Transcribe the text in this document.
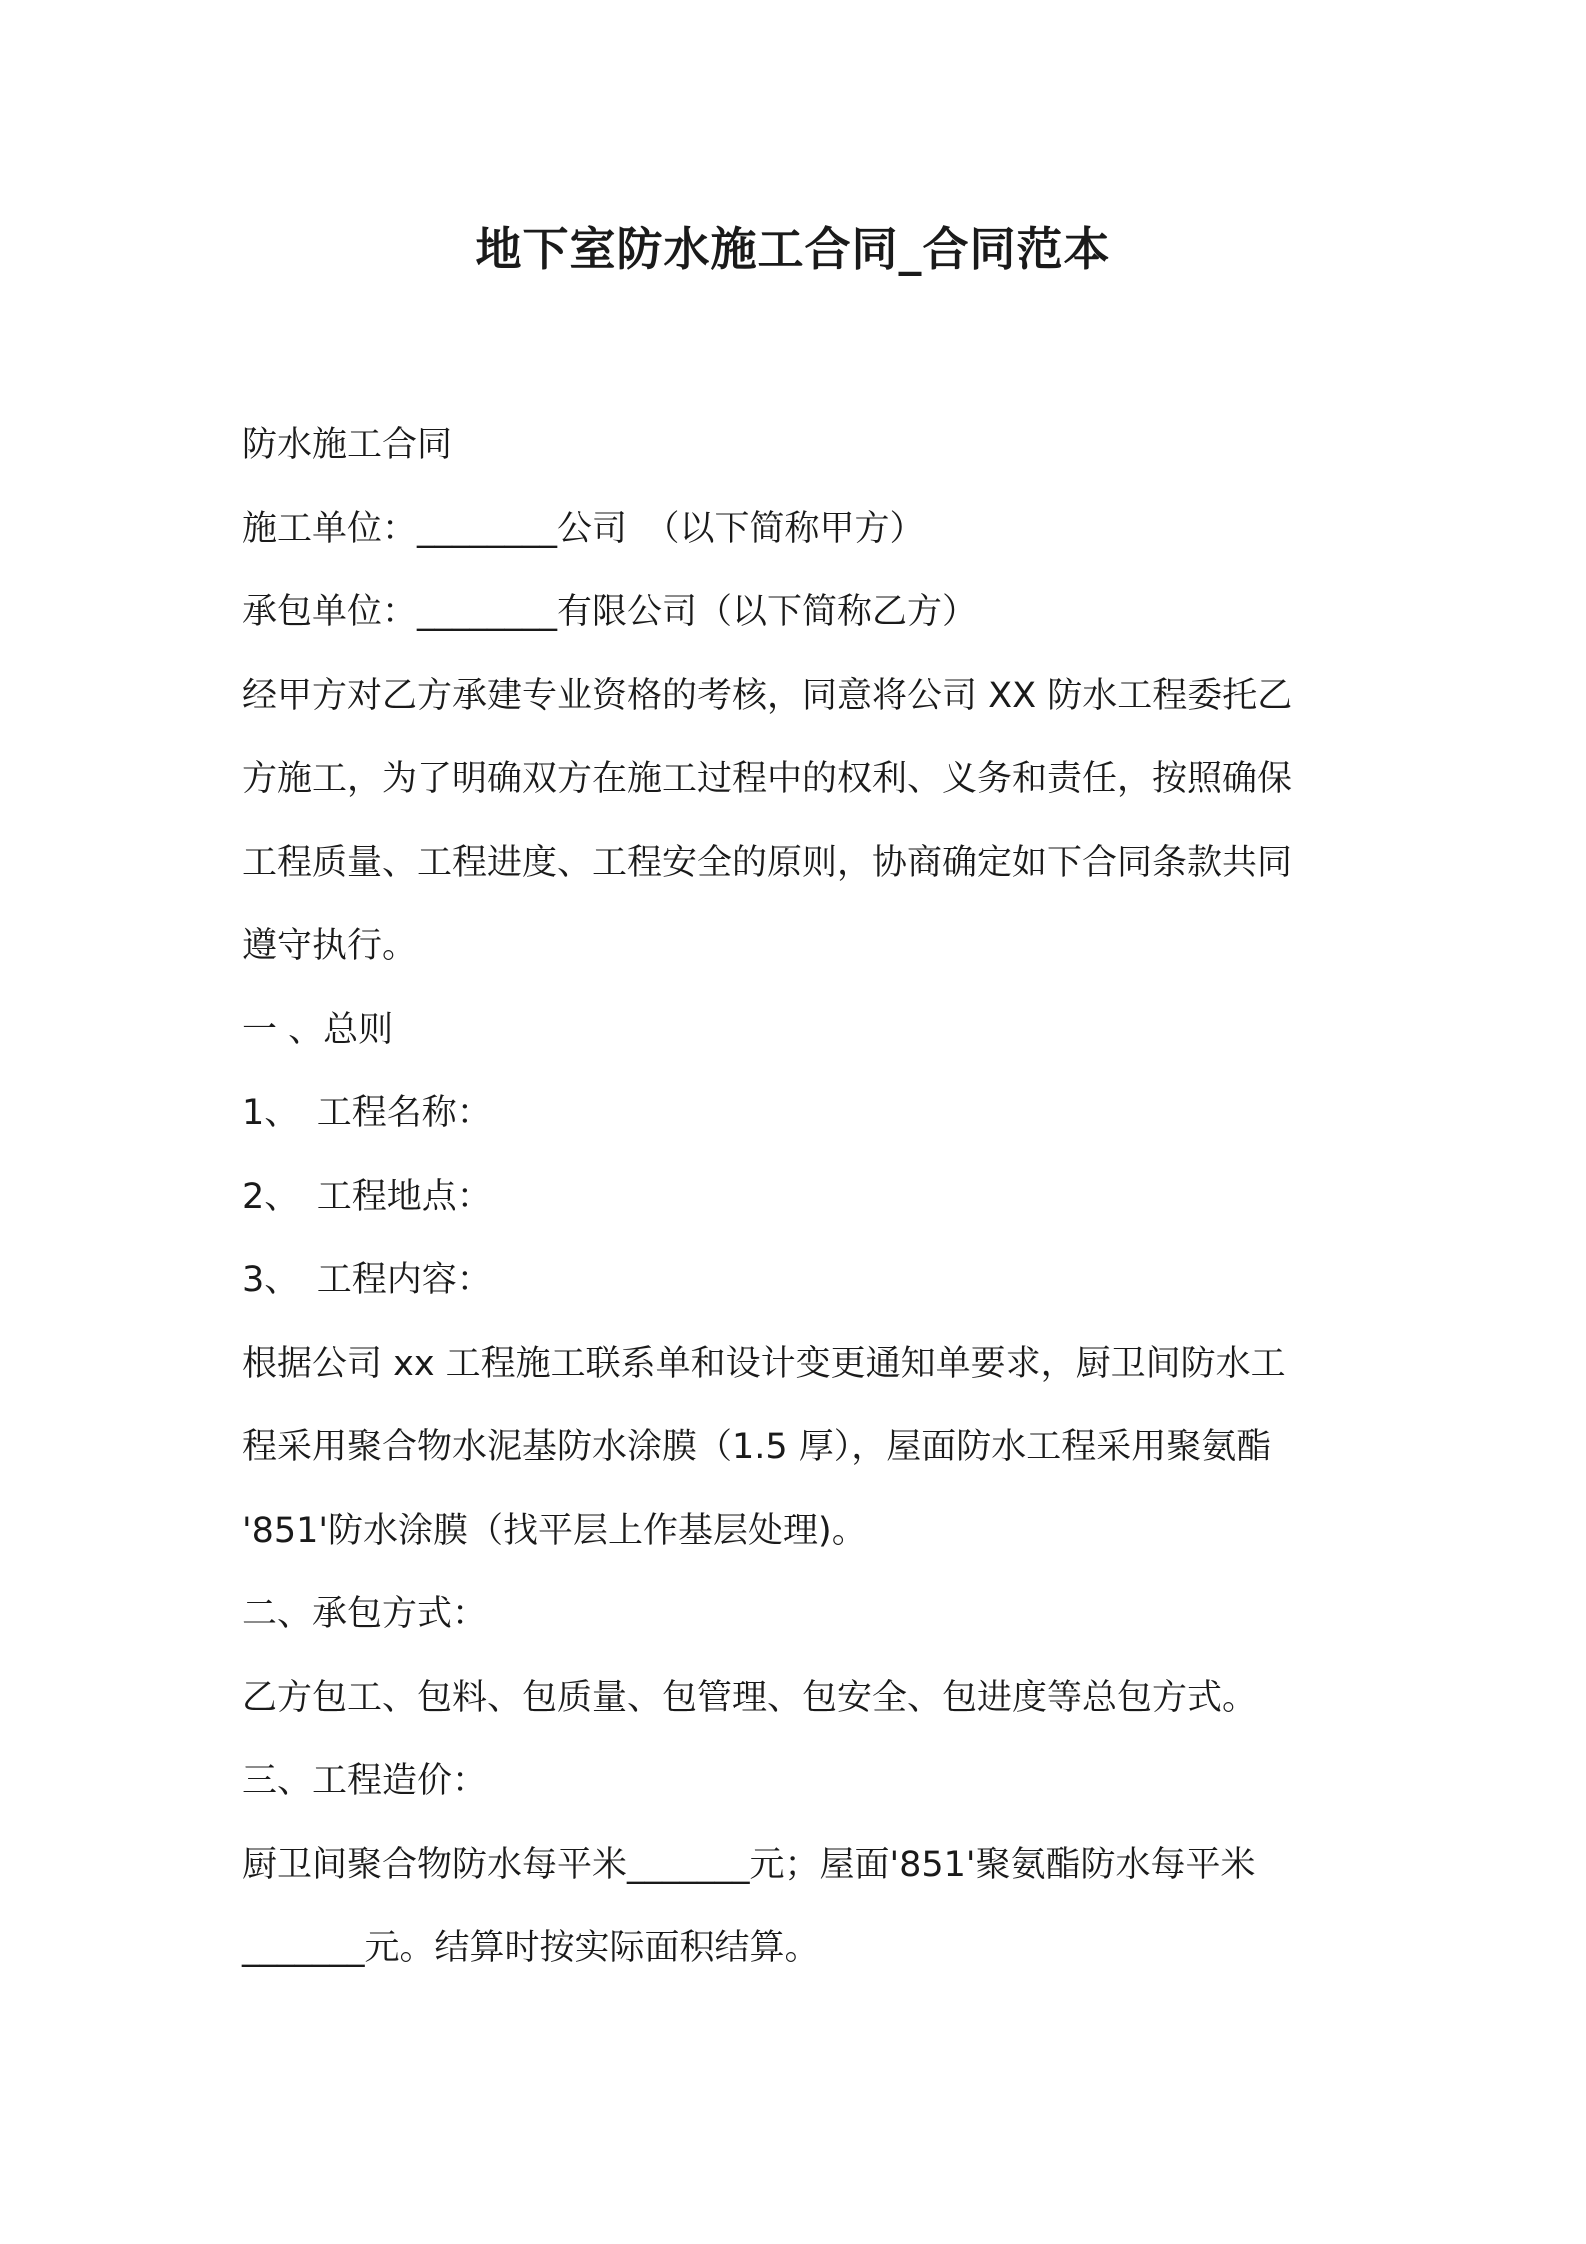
地下室防水施工合同_合同范本
防水施工合同
施工单位：________公司　（以下简称甲方）
承包单位：________有限公司（以下简称乙方）
经甲方对乙方承建专业资格的考核，同意将公司 XX 防水工程委托乙
方施工，为了明确双方在施工过程中的权利、义务和责任，按照确保
工程质量、工程进度、工程安全的原则，协商确定如下合同条款共同
遵守执行。
一 、总则
1、　工程名称：
2、　工程地点：
3、　工程内容：
根据公司 xx 工程施工联系单和设计变更通知单要求，厨卫间防水工
程采用聚合物水泥基防水涂膜（1.5 厚），屋面防水工程采用聚氨酯
'851'防水涂膜（找平层上作基层处理)。
二、承包方式：
乙方包工、包料、包质量、包管理、包安全、包进度等总包方式。
三、工程造价：
厨卫间聚合物防水每平米_______元；屋面'851'聚氨酯防水每平米
_______元。结算时按实际面积结算。
